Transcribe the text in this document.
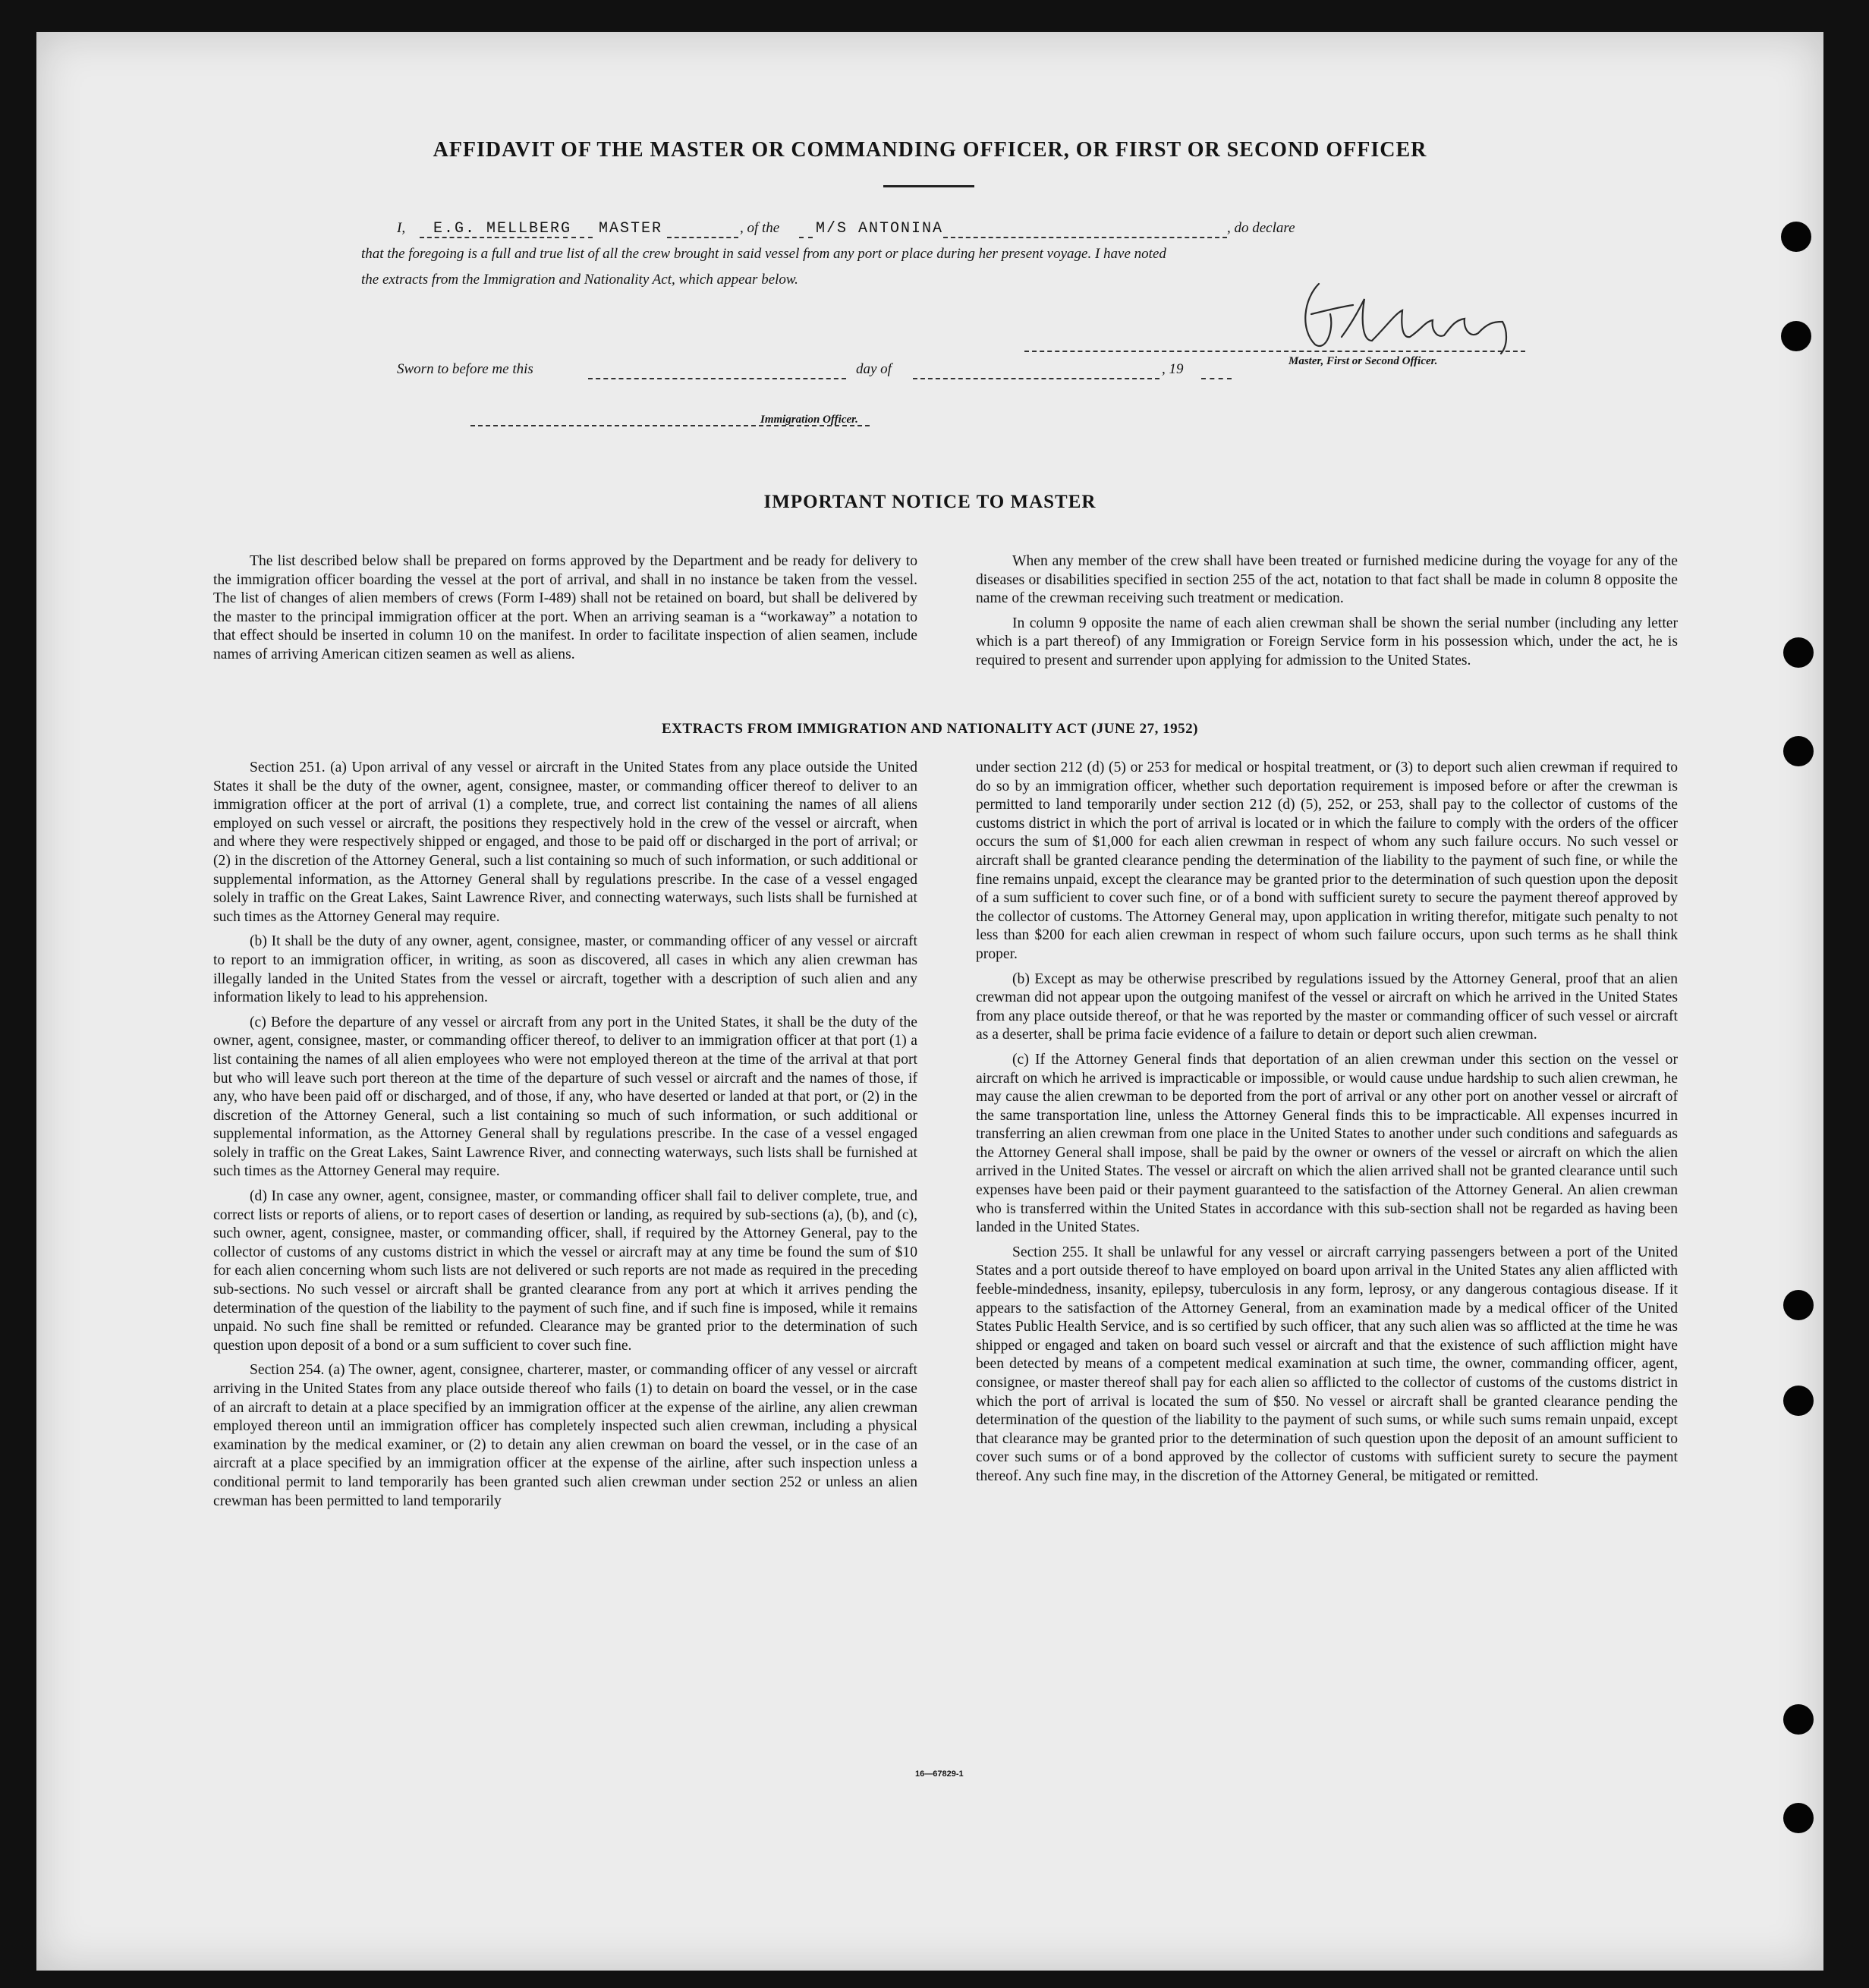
AFFIDAVIT OF THE MASTER OR COMMANDING OFFICER, OR FIRST OR SECOND OFFICER
I, E.G. MELLBERG MASTER	, of the M/S ANTONINA	, do declare
that the foregoing is a full and true list of all the crew brought in said vessel from any port or place during her present voyage. I have noted
the extracts from the Immigration and Nationality Act, which appear below.
Master, First or Second Officer.
Sworn to before me this	day of	, 19
Immigration Officer.
IMPORTANT NOTICE TO MASTER

The list described below shall be prepared on forms approved by the Department and be ready for delivery to the immigration officer boarding the vessel at the port of arrival, and shall in no instance be taken from the vessel. The list of changes of alien members of crews (Form I-489) shall not be retained on board, but shall be delivered by the master to the principal immigration officer at the port. When an arriving seaman is a “workaway” a notation to that effect should be inserted in column 10 on the manifest. In order to facilitate inspection of alien seamen, include names of arriving American citizen seamen as well as aliens.

When any member of the crew shall have been treated or furnished medicine during the voyage for any of the diseases or disabilities specified in section 255 of the act, notation to that fact shall be made in column 8 opposite the name of the crewman receiving such treatment or medication.

In column 9 opposite the name of each alien crewman shall be shown the serial number (including any letter which is a part thereof) of any Immigration or Foreign Service form in his possession which, under the act, he is required to present and surrender upon applying for admission to the United States.

EXTRACTS FROM IMMIGRATION AND NATIONALITY ACT (JUNE 27, 1952)

Section 251. (a) Upon arrival of any vessel or aircraft in the United States from any place outside the United States it shall be the duty of the owner, agent, consignee, master, or commanding officer thereof to deliver to an immigration officer at the port of arrival (1) a complete, true, and correct list containing the names of all aliens employed on such vessel or aircraft, the positions they respectively hold in the crew of the vessel or aircraft, when and where they were respectively shipped or engaged, and those to be paid off or discharged in the port of arrival; or (2) in the discretion of the Attorney General, such a list containing so much of such information, or such additional or supplemental information, as the Attorney General shall by regulations prescribe. In the case of a vessel engaged solely in traffic on the Great Lakes, Saint Lawrence River, and connecting waterways, such lists shall be furnished at such times as the Attorney General may require.

(b) It shall be the duty of any owner, agent, consignee, master, or commanding officer of any vessel or aircraft to report to an immigration officer, in writing, as soon as discovered, all cases in which any alien crewman has illegally landed in the United States from the vessel or aircraft, together with a description of such alien and any information likely to lead to his apprehension.

(c) Before the departure of any vessel or aircraft from any port in the United States, it shall be the duty of the owner, agent, consignee, master, or commanding officer thereof, to deliver to an immigration officer at that port (1) a list containing the names of all alien employees who were not employed thereon at the time of the arrival at that port but who will leave such port thereon at the time of the departure of such vessel or aircraft and the names of those, if any, who have been paid off or discharged, and of those, if any, who have deserted or landed at that port, or (2) in the discretion of the Attorney General, such a list containing so much of such information, or such additional or supplemental information, as the Attorney General shall by regulations prescribe. In the case of a vessel engaged solely in traffic on the Great Lakes, Saint Lawrence River, and connecting waterways, such lists shall be furnished at such times as the Attorney General may require.

(d) In case any owner, agent, consignee, master, or commanding officer shall fail to deliver complete, true, and correct lists or reports of aliens, or to report cases of desertion or landing, as required by sub-sections (a), (b), and (c), such owner, agent, consignee, master, or commanding officer, shall, if required by the Attorney General, pay to the collector of customs of any customs district in which the vessel or aircraft may at any time be found the sum of $10 for each alien concerning whom such lists are not delivered or such reports are not made as required in the preceding sub-sections. No such vessel or aircraft shall be granted clearance from any port at which it arrives pending the determination of the question of the liability to the payment of such fine, and if such fine is imposed, while it remains unpaid. No such fine shall be remitted or refunded. Clearance may be granted prior to the determination of such question upon deposit of a bond or a sum sufficient to cover such fine.

Section 254. (a) The owner, agent, consignee, charterer, master, or commanding officer of any vessel or aircraft arriving in the United States from any place outside thereof who fails (1) to detain on board the vessel, or in the case of an aircraft to detain at a place specified by an immigration officer at the expense of the airline, any alien crewman employed thereon until an immigration officer has completely inspected such alien crewman, including a physical examination by the medical examiner, or (2) to detain any alien crewman on board the vessel, or in the case of an aircraft at a place specified by an immigration officer at the expense of the airline, after such inspection unless a conditional permit to land temporarily has been granted such alien crewman under section 252 or unless an alien crewman has been permitted to land temporarily

under section 212 (d) (5) or 253 for medical or hospital treatment, or (3) to deport such alien crewman if required to do so by an immigration officer, whether such deportation requirement is imposed before or after the crewman is permitted to land temporarily under section 212 (d) (5), 252, or 253, shall pay to the collector of customs of the customs district in which the port of arrival is located or in which the failure to comply with the orders of the officer occurs the sum of $1,000 for each alien crewman in respect of whom any such failure occurs. No such vessel or aircraft shall be granted clearance pending the determination of the liability to the payment of such fine, or while the fine remains unpaid, except the clearance may be granted prior to the determination of such question upon the deposit of a sum sufficient to cover such fine, or of a bond with sufficient surety to secure the payment thereof approved by the collector of customs. The Attorney General may, upon application in writing therefor, mitigate such penalty to not less than $200 for each alien crewman in respect of whom such failure occurs, upon such terms as he shall think proper.

(b) Except as may be otherwise prescribed by regulations issued by the Attorney General, proof that an alien crewman did not appear upon the outgoing manifest of the vessel or aircraft on which he arrived in the United States from any place outside thereof, or that he was reported by the master or commanding officer of such vessel or aircraft as a deserter, shall be prima facie evidence of a failure to detain or deport such alien crewman.

(c) If the Attorney General finds that deportation of an alien crewman under this section on the vessel or aircraft on which he arrived is impracticable or impossible, or would cause undue hardship to such alien crewman, he may cause the alien crewman to be deported from the port of arrival or any other port on another vessel or aircraft of the same transportation line, unless the Attorney General finds this to be impracticable. All expenses incurred in transferring an alien crewman from one place in the United States to another under such conditions and safeguards as the Attorney General shall impose, shall be paid by the owner or owners of the vessel or aircraft on which the alien arrived in the United States. The vessel or aircraft on which the alien arrived shall not be granted clearance until such expenses have been paid or their payment guaranteed to the satisfaction of the Attorney General. An alien crewman who is transferred within the United States in accordance with this sub-section shall not be regarded as having been landed in the United States.

Section 255. It shall be unlawful for any vessel or aircraft carrying passengers between a port of the United States and a port outside thereof to have employed on board upon arrival in the United States any alien afflicted with feeble-mindedness, insanity, epilepsy, tuberculosis in any form, leprosy, or any dangerous contagious disease. If it appears to the satisfaction of the Attorney General, from an examination made by a medical officer of the United States Public Health Service, and is so certified by such officer, that any such alien was so afflicted at the time he was shipped or engaged and taken on board such vessel or aircraft and that the existence of such affliction might have been detected by means of a competent medical examination at such time, the owner, commanding officer, agent, consignee, or master thereof shall pay for each alien so afflicted to the collector of customs of the customs district in which the port of arrival is located the sum of $50. No vessel or aircraft shall be granted clearance pending the determination of the question of the liability to the payment of such sums, or while such sums remain unpaid, except that clearance may be granted prior to the determination of such question upon the deposit of an amount sufficient to cover such sums or of a bond approved by the collector of customs with sufficient surety to secure the payment thereof. Any such fine may, in the discretion of the Attorney General, be mitigated or remitted.

16—67829-1
